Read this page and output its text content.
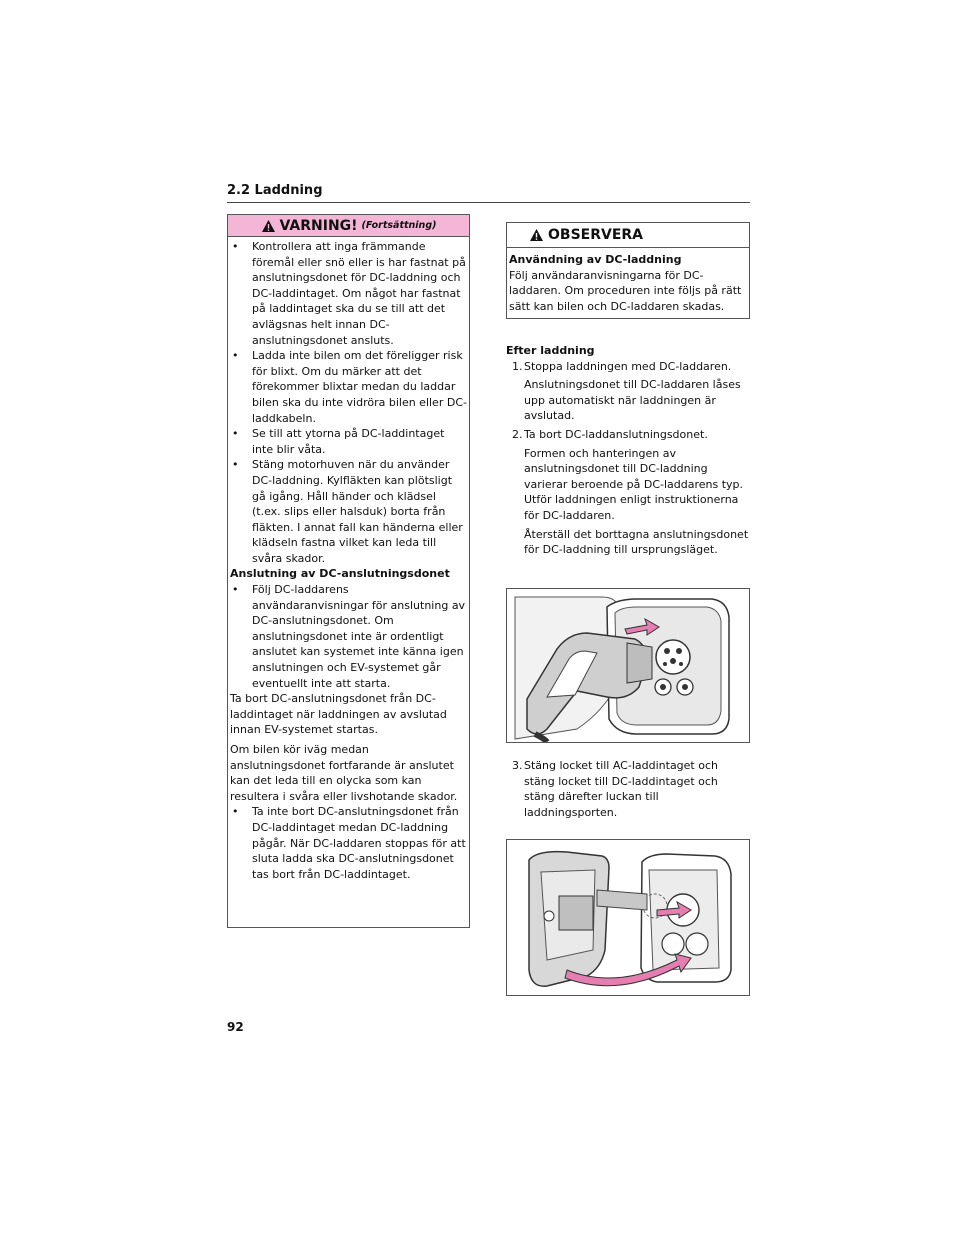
2.2 Laddning
VARNING! (Fortsättning)
• Kontrollera att inga främmande föremål eller snö eller is har fastnat på anslutningsdonet för DC-laddning och DC-laddintaget. Om något har fastnat på laddintaget ska du se till att det avlägsnas helt innan DC-anslutningsdonet ansluts.
• Ladda inte bilen om det föreligger risk för blixt. Om du märker att det förekommer blixtar medan du laddar bilen ska du inte vidröra bilen eller DC-laddkabeln.
• Se till att ytorna på DC-laddintaget inte blir våta.
• Stäng motorhuven när du använder DC-laddning. Kylfläkten kan plötsligt gå igång. Håll händer och klädsel (t.ex. slips eller halsduk) borta från fläkten. I annat fall kan händerna eller klädseln fastna vilket kan leda till svåra skador.
Anslutning av DC-anslutningsdonet
• Följ DC-laddarens användaranvisningar för anslutning av DC-anslutningsdonet. Om anslutningsdonet inte är ordentligt anslutet kan systemet inte känna igen anslutningen och EV-systemet går eventuellt inte att starta.

Ta bort DC-anslutningsdonet från DC-laddintaget när laddningen av avslutad innan EV-systemet startas.

Om bilen kör iväg medan anslutningsdonet fortfarande är anslutet kan det leda till en olycka som kan resultera i svåra eller livshotande skador.

• Ta inte bort DC-anslutningsdonet från DC-laddintaget medan DC-laddning pågår. När DC-laddaren stoppas för att sluta ladda ska DC-anslutningsdonet tas bort från DC-laddintaget.
OBSERVERA
Användning av DC-laddning
Följ användaranvisningarna för DC-laddaren. Om proceduren inte följs på rätt sätt kan bilen och DC-laddaren skadas.
Efter laddning
1. Stoppa laddningen med DC-laddaren.
Anslutningsdonet till DC-laddaren låses upp automatiskt när laddningen är avslutad.
2. Ta bort DC-laddanslutningsdonet.
Formen och hanteringen av anslutningsdonet till DC-laddning varierar beroende på DC-laddarens typ. Utför laddningen enligt instruktionerna för DC-laddaren.
Återställ det borttagna anslutningsdonet för DC-laddning till ursprungsläget.
3. Stäng locket till AC-laddintaget och stäng locket till DC-laddintaget och stäng därefter luckan till laddningsporten.
92
